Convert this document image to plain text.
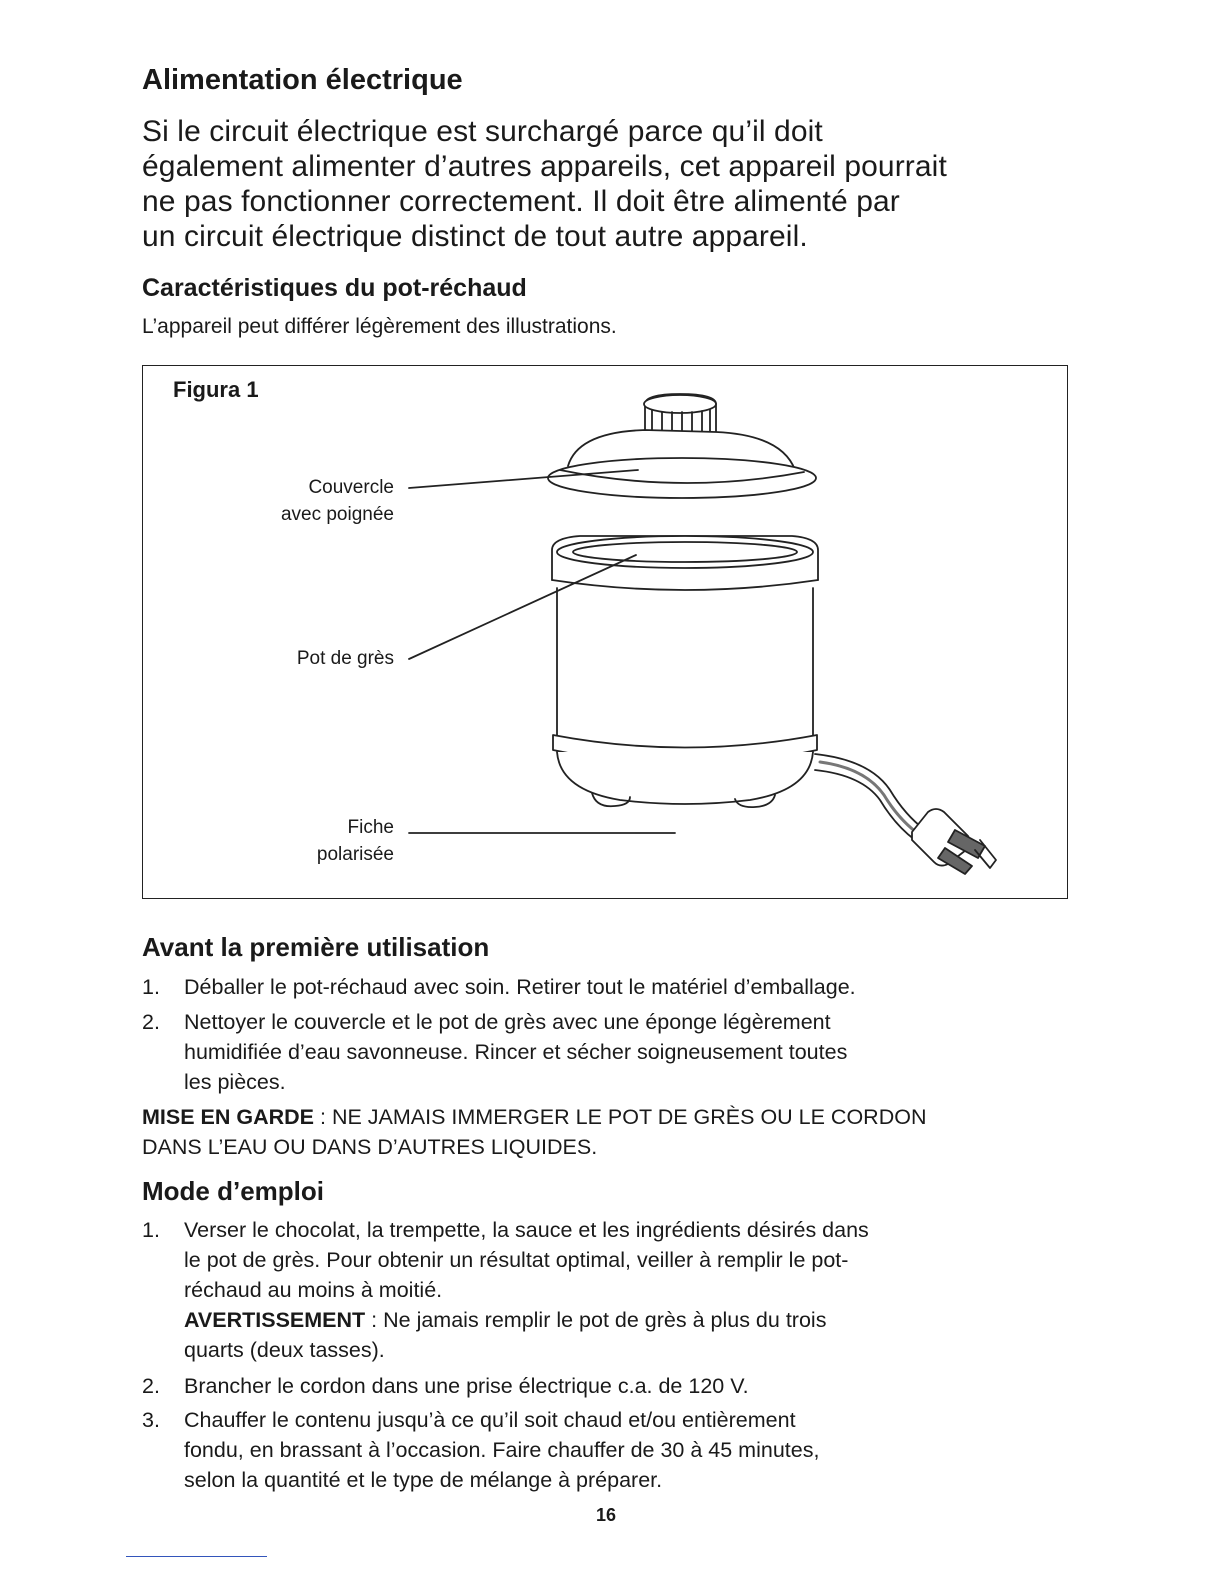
Alimentation électrique
Si le circuit électrique est surchargé parce qu’il doit
également alimenter d’autres appareils, cet appareil pourrait
ne pas fonctionner correctement. Il doit être alimenté par
un circuit électrique distinct de tout autre appareil.
Caractéristiques du pot-réchaud
L’appareil peut différer légèrement des illustrations.
Figura 1
Couvercle
avec poignée
Pot de grès
Fiche
polarisée
Avant la première utilisation
1. Déballer le pot-réchaud avec soin. Retirer tout le matériel d’emballage.
2. Nettoyer le couvercle et le pot de grès avec une éponge légèrement
humidifiée d’eau savonneuse. Rincer et sécher soigneusement toutes
les pièces.
MISE EN GARDE : NE JAMAIS IMMERGER LE POT DE GRÈS OU LE CORDON
DANS L’EAU OU DANS D’AUTRES LIQUIDES.
Mode d’emploi
1. Verser le chocolat, la trempette, la sauce et les ingrédients désirés dans
le pot de grès. Pour obtenir un résultat optimal, veiller à remplir le pot-
réchaud au moins à moitié.
AVERTISSEMENT : Ne jamais remplir le pot de grès à plus du trois
quarts (deux tasses).
2. Brancher le cordon dans une prise électrique c.a. de 120 V.
3. Chauffer le contenu jusqu’à ce qu’il soit chaud et/ou entièrement
fondu, en brassant à l’occasion. Faire chauffer de 30 à 45 minutes,
selon la quantité et le type de mélange à préparer.
16
